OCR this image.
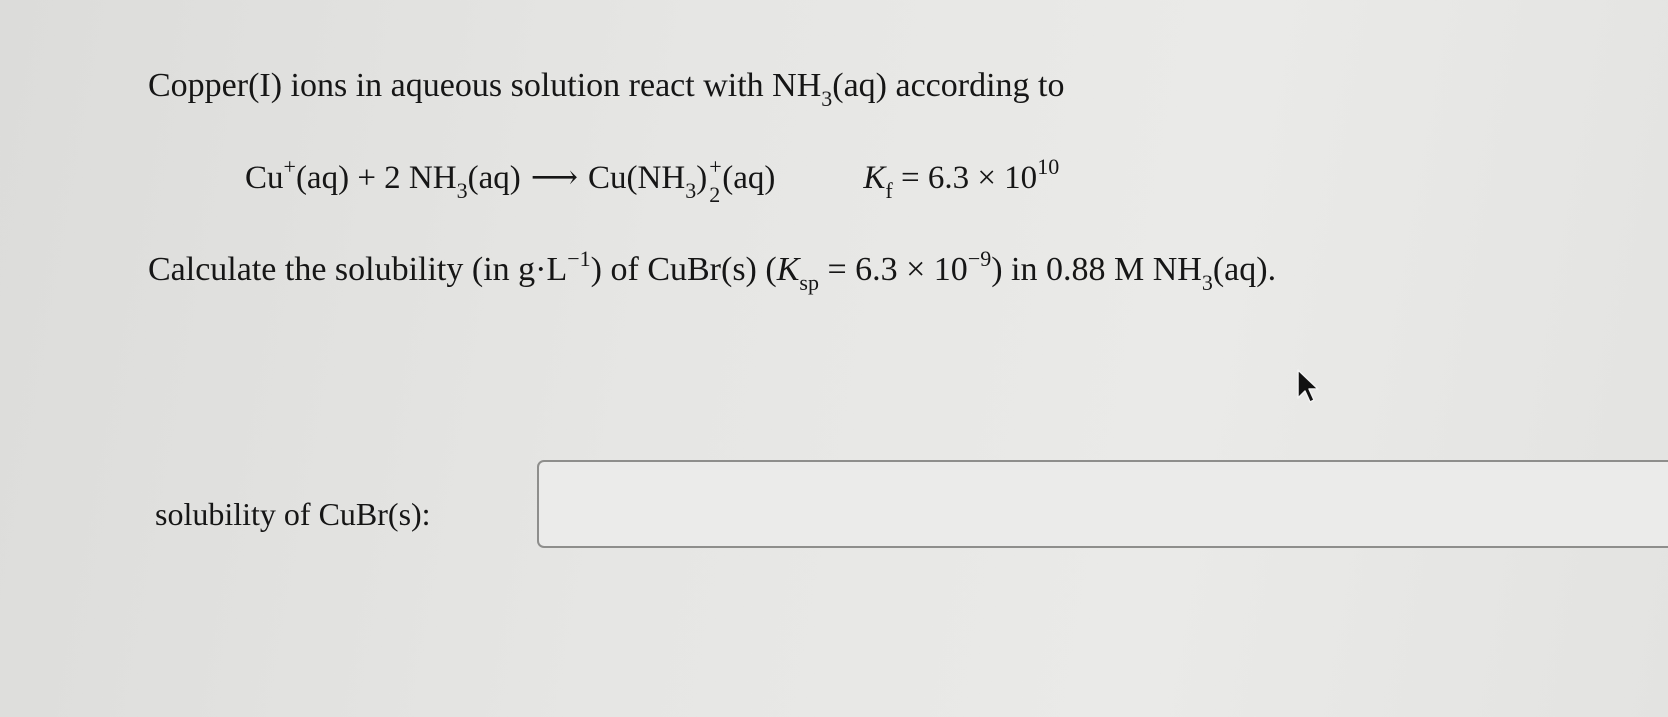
Copper(I) ions in aqueous solution react with $NH_3(aq)$ according to
Cu+(aq) + 2 $NH_3(aq)$ ⟶ $Cu(NH_3)$ +
2 (aq)	$K_f = 6.3 \times 10^{10}$
Calculate the solubility (in $g\cdot L^{-1}$) of CuBr(s) $(K_{sp} = 6.3 \times 10^{-9})$ in 0.88 M $NH_3(aq)$.
solubility of CuBr(s):
